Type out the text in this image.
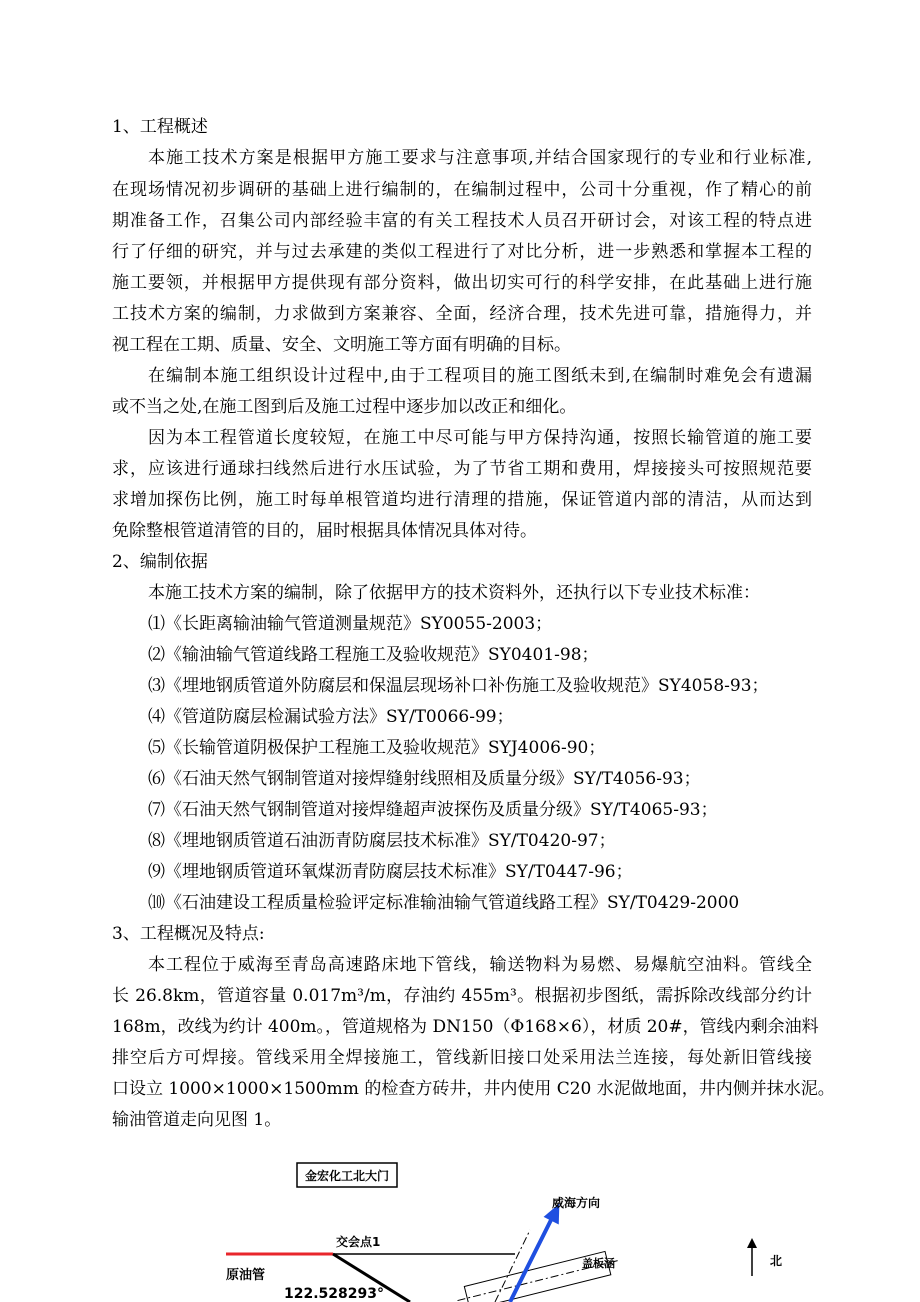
1、工程概述
本施工技术方案是根据甲方施工要求与注意事项,并结合国家现行的专业和行业标准,
在现场情况初步调研的基础上进行编制的，在编制过程中，公司十分重视，作了精心的前
期准备工作，召集公司内部经验丰富的有关工程技术人员召开研讨会，对该工程的特点进
行了仔细的研究，并与过去承建的类似工程进行了对比分析，进一步熟悉和掌握本工程的
施工要领，并根据甲方提供现有部分资料，做出切实可行的科学安排，在此基础上进行施
工技术方案的编制，力求做到方案兼容、全面，经济合理，技术先进可靠，措施得力，并
视工程在工期、质量、安全、文明施工等方面有明确的目标。
在编制本施工组织设计过程中,由于工程项目的施工图纸未到,在编制时难免会有遗漏
或不当之处,在施工图到后及施工过程中逐步加以改正和细化。
因为本工程管道长度较短，在施工中尽可能与甲方保持沟通，按照长输管道的施工要
求，应该进行通球扫线然后进行水压试验，为了节省工期和费用，焊接接头可按照规范要
求增加探伤比例，施工时每单根管道均进行清理的措施，保证管道内部的清洁，从而达到
免除整根管道清管的目的，届时根据具体情况具体对待。
2、编制依据
本施工技术方案的编制，除了依据甲方的技术资料外，还执行以下专业技术标准：
⑴《长距离输油输气管道测量规范》SY0055-2003；
⑵《输油输气管道线路工程施工及验收规范》SY0401-98；
⑶《埋地钢质管道外防腐层和保温层现场补口补伤施工及验收规范》SY4058-93；
⑷《管道防腐层检漏试验方法》SY/T0066-99；
⑸《长输管道阴极保护工程施工及验收规范》SYJ4006-90；
⑹《石油天然气钢制管道对接焊缝射线照相及质量分级》SY/T4056-93；
⑺《石油天然气钢制管道对接焊缝超声波探伤及质量分级》SY/T4065-93；
⑻《埋地钢质管道石油沥青防腐层技术标准》SY/T0420-97；
⑼《埋地钢质管道环氧煤沥青防腐层技术标准》SY/T0447-96；
⑽《石油建设工程质量检验评定标准输油输气管道线路工程》SY/T0429-2000
3、工程概况及特点:
本工程位于威海至青岛高速路床地下管线，输送物料为易燃、易爆航空油料。管线全
长 26.8km，管道容量 0.017m³/m，存油约 455m³。根据初步图纸，需拆除改线部分约计
168m，改线为约计 400m。，管道规格为 DN150（Φ168×6），材质 20#，管线内剩余油料
排空后方可焊接。管线采用全焊接施工，管线新旧接口处采用法兰连接，每处新旧管线接
口设立 1000×1000×1500mm 的检查方砖井，井内使用 C20 水泥做地面，井内侧并抹水泥。
输油管道走向见图 1。
金宏化工北大门
交会点1
原油管
122.528293°
盖板涵
威海方向
北
